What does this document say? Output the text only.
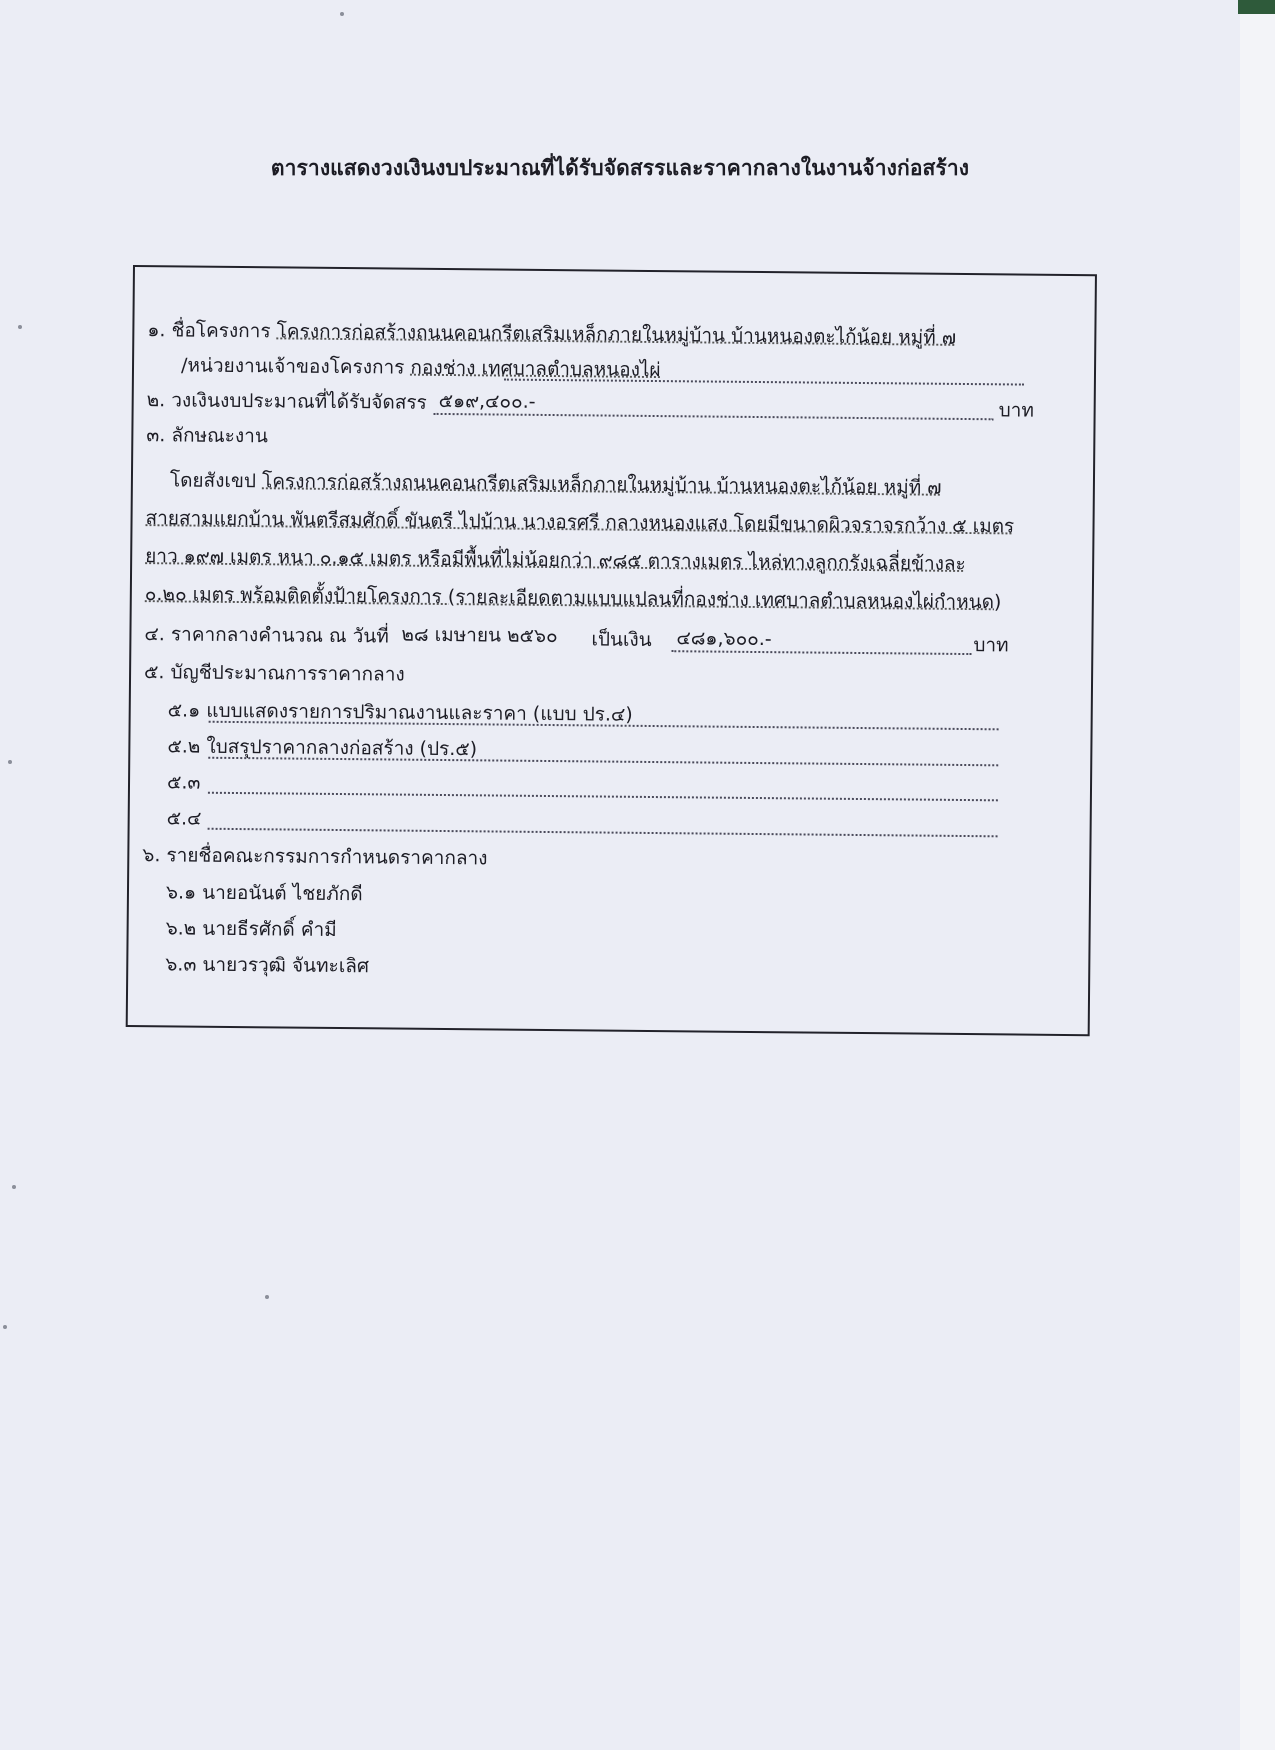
ตารางแสดงวงเงินงบประมาณที่ได้รับจัดสรรและราคากลางในงานจ้างก่อสร้าง
๑. ชื่อโครงการ โครงการก่อสร้างถนนคอนกรีตเสริมเหล็กภายในหมู่บ้าน บ้านหนองตะไก้น้อย หมู่ที่ ๗
/หน่วยงานเจ้าของโครงการ กองช่าง เทศบาลตำบลหนองไผ่
๒. วงเงินงบประมาณที่ได้รับจัดสรร ๕๑๙,๔๐๐.-	บาท
๓. ลักษณะงาน
โดยสังเขป โครงการก่อสร้างถนนคอนกรีตเสริมเหล็กภายในหมู่บ้าน บ้านหนองตะไก้น้อย หมู่ที่ ๗
สายสามแยกบ้าน พันตรีสมศักดิ์ ขันตรี ไปบ้าน นางอรศรี กลางหนองแสง โดยมีขนาดผิวจราจรกว้าง ๕ เมตร
ยาว ๑๙๗ เมตร หนา ๐.๑๕ เมตร หรือมีพื้นที่ไม่น้อยกว่า ๙๘๕ ตารางเมตร ไหล่ทางลูกกรังเฉลี่ยข้างละ
๐.๒๐ เมตร พร้อมติดตั้งป้ายโครงการ (รายละเอียดตามแบบแปลนที่กองช่าง เทศบาลตำบลหนองไผ่กำหนด)
๔. ราคากลางคำนวณ ณ วันที่ ๒๘ เมษายน ๒๕๖๐ เป็นเงิน ๔๘๑,๖๐๐.-	บาท
๕. บัญชีประมาณการราคากลาง
๕.๑ แบบแสดงรายการปริมาณงานและราคา (แบบ ปร.๔)
๕.๒ ใบสรุปราคากลางก่อสร้าง (ปร.๕)
๕.๓
๕.๔
๖. รายชื่อคณะกรรมการกำหนดราคากลาง
๖.๑ นายอนันต์ ไชยภักดี
๖.๒ นายธีรศักดิ์ คำมี
๖.๓ นายวรวุฒิ จันทะเลิศ
